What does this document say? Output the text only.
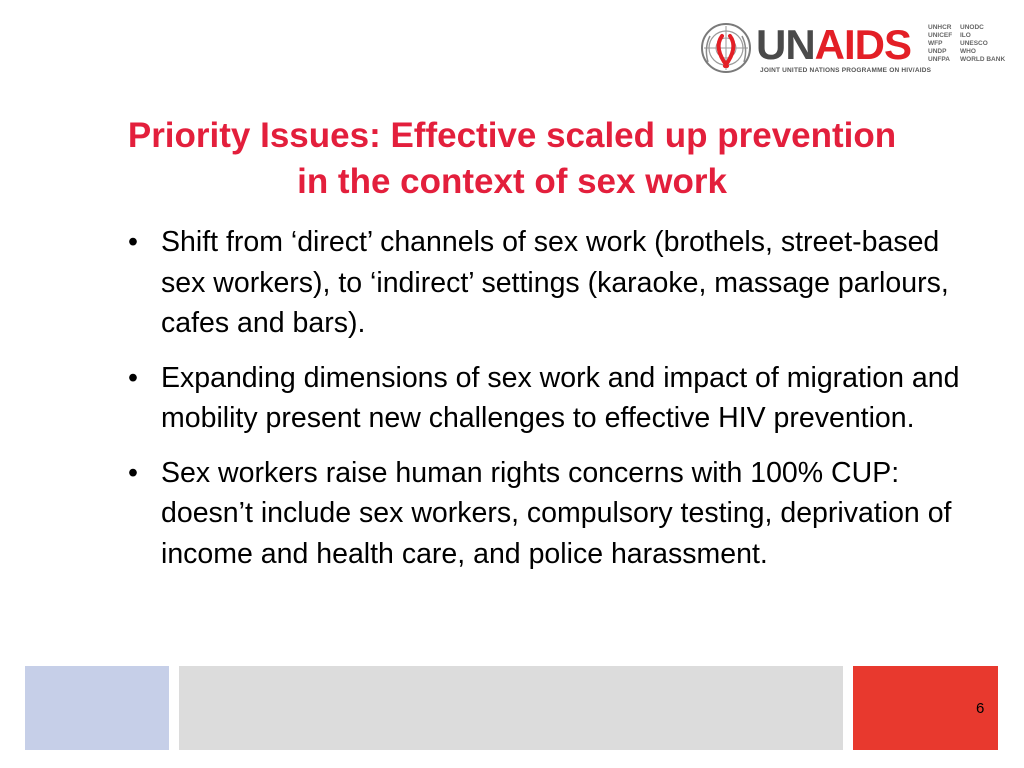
UNAIDS
JOINT UNITED NATIONS PROGRAMME ON HIV/AIDS
UNHCR
UNICEF
WFP
UNDP
UNFPA
UNODC
ILO
UNESCO
WHO
WORLD BANK
Priority Issues: Effective scaled up prevention
in the context of sex work
• Shift from ‘direct’ channels of sex work (brothels, street-based sex workers), to ‘indirect’ settings (karaoke, massage parlours, cafes and bars).
• Expanding dimensions of sex work and impact of migration and mobility present new challenges to effective HIV prevention.
• Sex workers raise human rights concerns with 100% CUP: doesn’t include sex workers, compulsory testing, deprivation of income and health care, and police harassment.
6
